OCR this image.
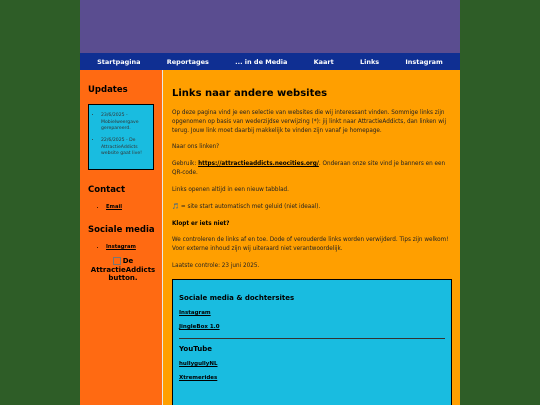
Startpagina	Reportages	... in de Media	Kaart	Links	Instagram
Updates
• 23/6/2025 - Mobielweergave gerepareerd.
• 22/6/2025 - De AttractieAddicts website gaat live!
Contact
• Email
Sociale media
• Instagram
De AttractieAddicts button.
Links naar andere websites

Op deze pagina vind je een selectie van websites die wij interessant vinden. Sommige links zijn opgenomen op basis van wederzijdse verwijzing (*): jij linkt naar AttractieAddicts, dan linken wij terug. Jouw link moet daarbij makkelijk te vinden zijn vanaf je homepage.

Naar ons linken?

Gebruik: https://attractieaddicts.neocities.org/. Onderaan onze site vind je banners en een QR-code.

Links openen altijd in een nieuw tabblad.

🎵 = site start automatisch met geluid (niet ideaal).

Klopt er iets niet?

We controleren de links af en toe. Dode of verouderde links worden verwijderd. Tips zijn welkom! Voor externe inhoud zijn wij uiteraard niet verantwoordelijk.

Laatste controle: 23 juni 2025.

Sociale media & dochtersites
Instagram
JingleBox 1.0
YouTube
hullygullyNL
Xtremerides
